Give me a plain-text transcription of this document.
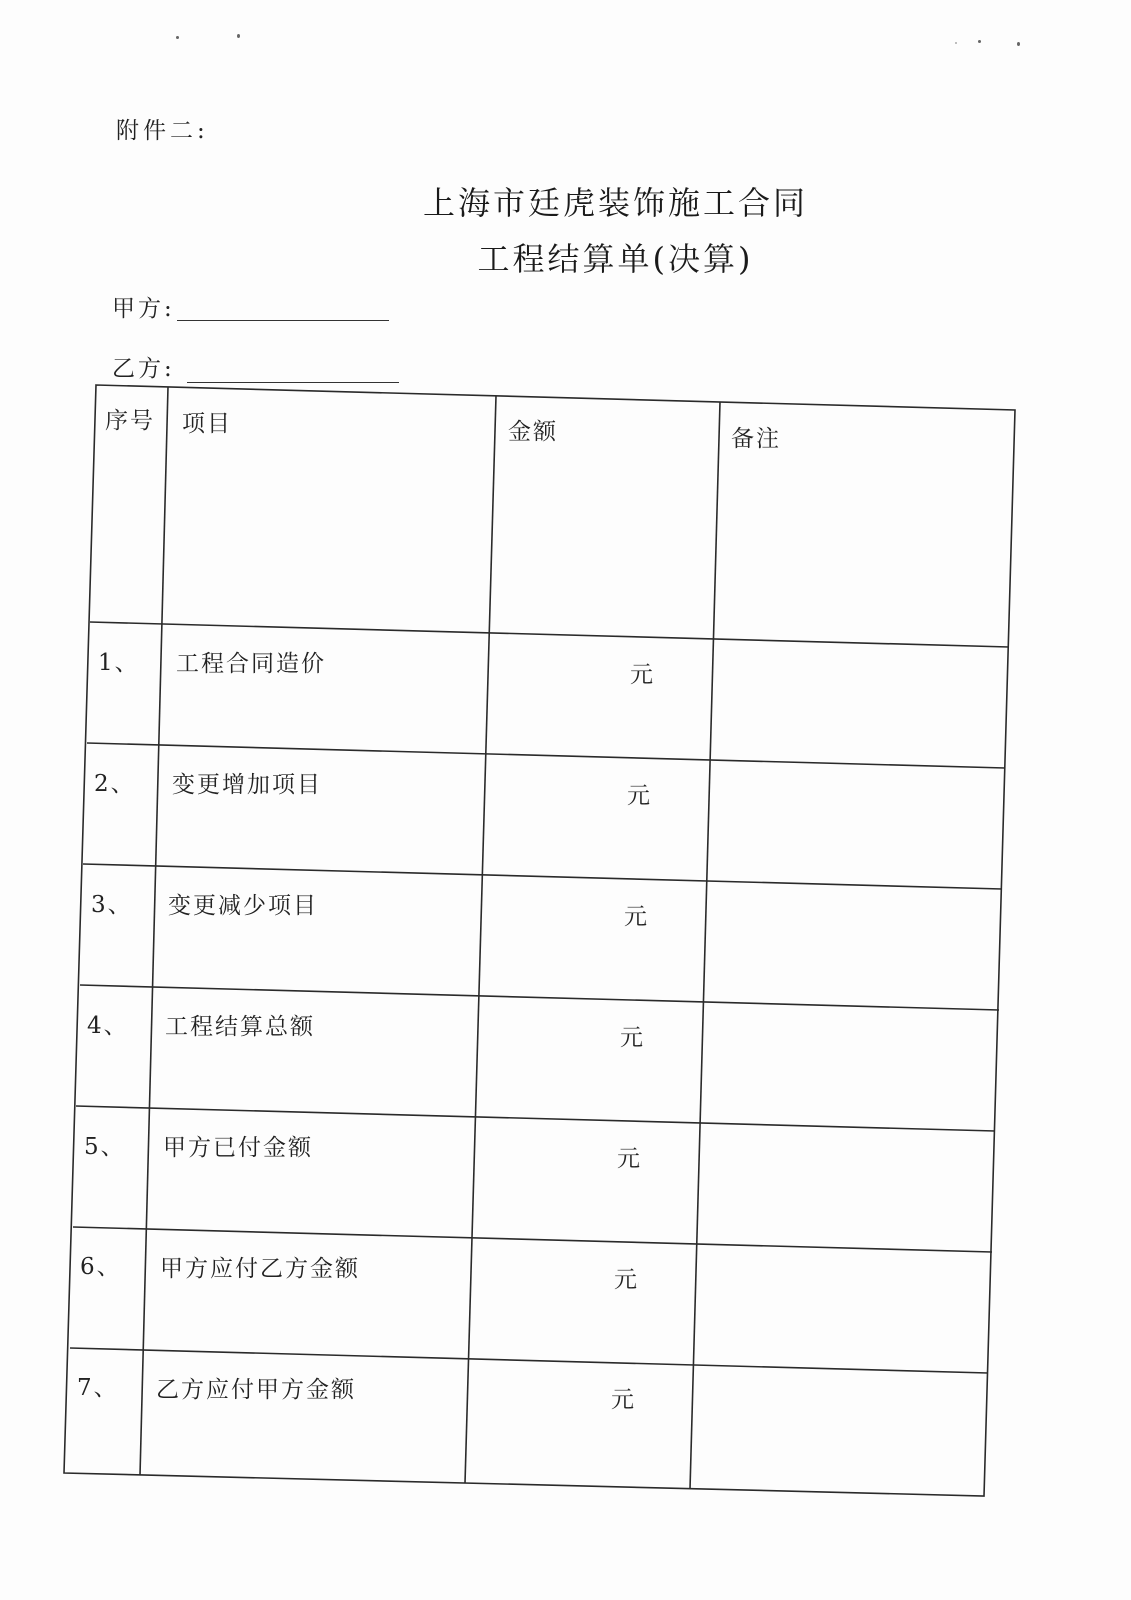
附件二:
上海市廷虎装饰施工合同
工程结算单(决算)
甲方:
乙方:
序号 项目	金额	备注
1、 工程合同造价	元
2、 变更增加项目	元
3、 变更减少项目	元
4、 工程结算总额	元
5、 甲方已付金额	元
6、 甲方应付乙方金额	元
7、 乙方应付甲方金额	元
